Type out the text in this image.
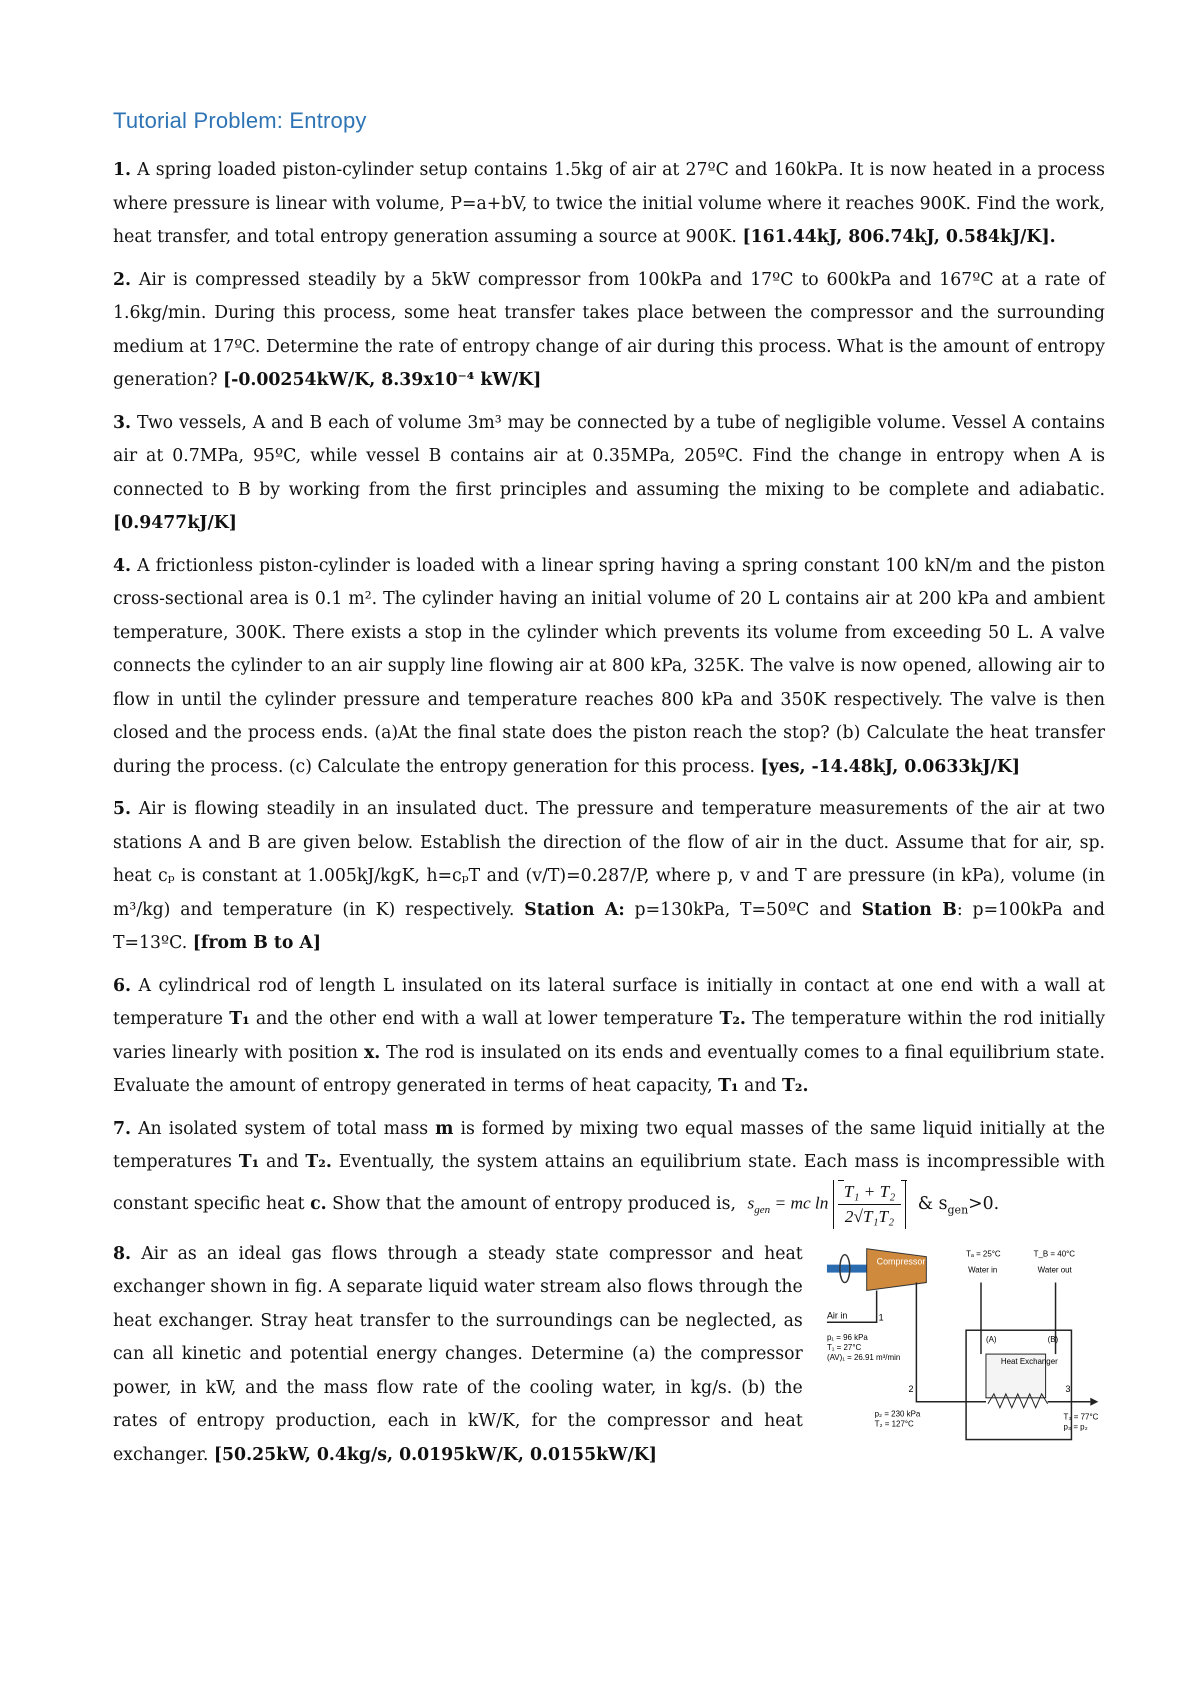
Tutorial Problem: Entropy

1. A spring loaded piston-cylinder setup contains 1.5kg of air at 27ºC and 160kPa. It is now heated in a process where pressure is linear with volume, P=a+bV, to twice the initial volume where it reaches 900K. Find the work, heat transfer, and total entropy generation assuming a source at 900K. [161.44kJ, 806.74kJ, 0.584kJ/K].

2. Air is compressed steadily by a 5kW compressor from 100kPa and 17ºC to 600kPa and 167ºC at a rate of 1.6kg/min. During this process, some heat transfer takes place between the compressor and the surrounding medium at 17ºC. Determine the rate of entropy change of air during this process. What is the amount of entropy generation? [-0.00254kW/K, 8.39x10⁻⁴ kW/K]

3. Two vessels, A and B each of volume 3m³ may be connected by a tube of negligible volume. Vessel A contains air at 0.7MPa, 95ºC, while vessel B contains air at 0.35MPa, 205ºC. Find the change in entropy when A is connected to B by working from the first principles and assuming the mixing to be complete and adiabatic. [0.9477kJ/K]

4. A frictionless piston-cylinder is loaded with a linear spring having a spring constant 100 kN/m and the piston cross-sectional area is 0.1 m². The cylinder having an initial volume of 20 L contains air at 200 kPa and ambient temperature, 300K. There exists a stop in the cylinder which prevents its volume from exceeding 50 L. A valve connects the cylinder to an air supply line flowing air at 800 kPa, 325K. The valve is now opened, allowing air to flow in until the cylinder pressure and temperature reaches 800 kPa and 350K respectively. The valve is then closed and the process ends. (a)At the final state does the piston reach the stop? (b) Calculate the heat transfer during the process. (c) Calculate the entropy generation for this process. [yes, -14.48kJ, 0.0633kJ/K]

5. Air is flowing steadily in an insulated duct. The pressure and temperature measurements of the air at two stations A and B are given below. Establish the direction of the flow of air in the duct. Assume that for air, sp. heat cₚ is constant at 1.005kJ/kgK, h=cₚT and (v/T)=0.287/P, where p, v and T are pressure (in kPa), volume (in m³/kg) and temperature (in K) respectively. Station A: p=130kPa, T=50ºC and Station B: p=100kPa and T=13ºC. [from B to A]

6. A cylindrical rod of length L insulated on its lateral surface is initially in contact at one end with a wall at temperature T₁ and the other end with a wall at lower temperature T₂. The temperature within the rod initially varies linearly with position x. The rod is insulated on its ends and eventually comes to a final equilibrium state. Evaluate the amount of entropy generated in terms of heat capacity, T₁ and T₂.

7. An isolated system of total mass m is formed by mixing two equal masses of the same liquid initially at the temperatures T₁ and T₂. Eventually, the system attains an equilibrium state. Each mass is incompressible with constant specific heat c. Show that the amount of entropy produced is, $s_{gen}$ = mc $\ln \frac{\text{T₁ + T₂}}{\text{2√T₁T₂}}$ & $s_{gen}>0$.

8. Air as an ideal gas flows through a steady state compressor and heat exchanger shown in fig. A separate liquid water stream also flows through the heat exchanger. Stray heat transfer to the surroundings can be neglected, as can all kinetic and potential energy changes. Determine (a) the compressor power, in kW, and the mass flow rate of the cooling water, in kg/s. (b) the rates of entropy production, each in kW/K, for the compressor and heat exchanger. [50.25kW, 0.4kg/s, 0.0195kW/K, 0.0155kW/K]

Compressor
Air in	1
p₁ = 96 kPa
T₁ = 27°C
(AV)₁ = 26.91 m³/min
2
p₂ = 230 kPa
T₂ = 127°C
Heat Exchanger
3
T₃ = 77°C
p₃ = p₂
Tₐ = 25°C	T_B = 40°C
Water in	Water out
(A)	(B)
